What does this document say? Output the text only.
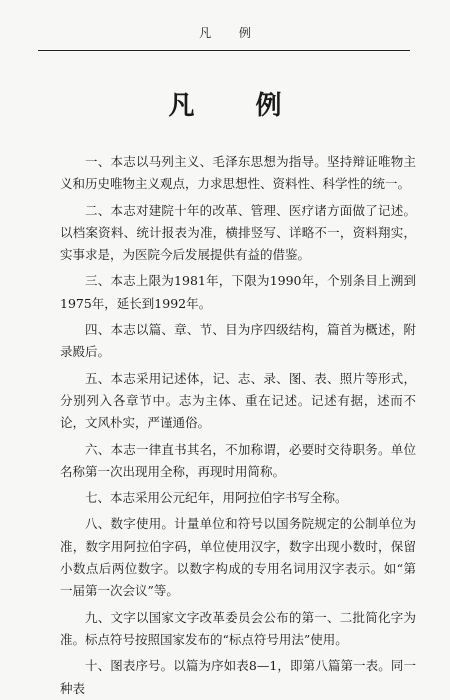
凡 例
凡 例

一、本志以马列主义、毛泽东思想为指导。坚持辩证唯物主义和历史唯物主义观点，力求思想性、资料性、科学性的统一。

二、本志对建院十年的改革、管理、医疗诸方面做了记述。以档案资料、统计报表为准，横排竖写、详略不一，资料翔实，实事求是，为医院今后发展提供有益的借鉴。

三、本志上限为1981年，下限为1990年，个别条目上溯到1975年，延长到1992年。

四、本志以篇、章、节、目为序四级结构，篇首为概述，附录殿后。

五、本志采用记述体，记、志、录、图、表、照片等形式，分别列入各章节中。志为主体、重在记述。记述有据，述而不论，文风朴实，严谨通俗。

六、本志一律直书其名，不加称谓，必要时交待职务。单位名称第一次出现用全称，再现时用简称。

七、本志采用公元纪年，用阿拉伯字书写全称。

八、数字使用。计量单位和符号以国务院规定的公制单位为准，数字用阿拉伯字码，单位使用汉字，数字出现小数时，保留小数点后两位数字。以数字构成的专用名词用汉字表示。如“第一届第一次会议”等。

九、文字以国家文字改革委员会公布的第一、二批简化字为准。标点符号按照国家发布的“标点符号用法”使用。

十、图表序号。以篇为序如表8—1，即第八篇第一表。同一种表
